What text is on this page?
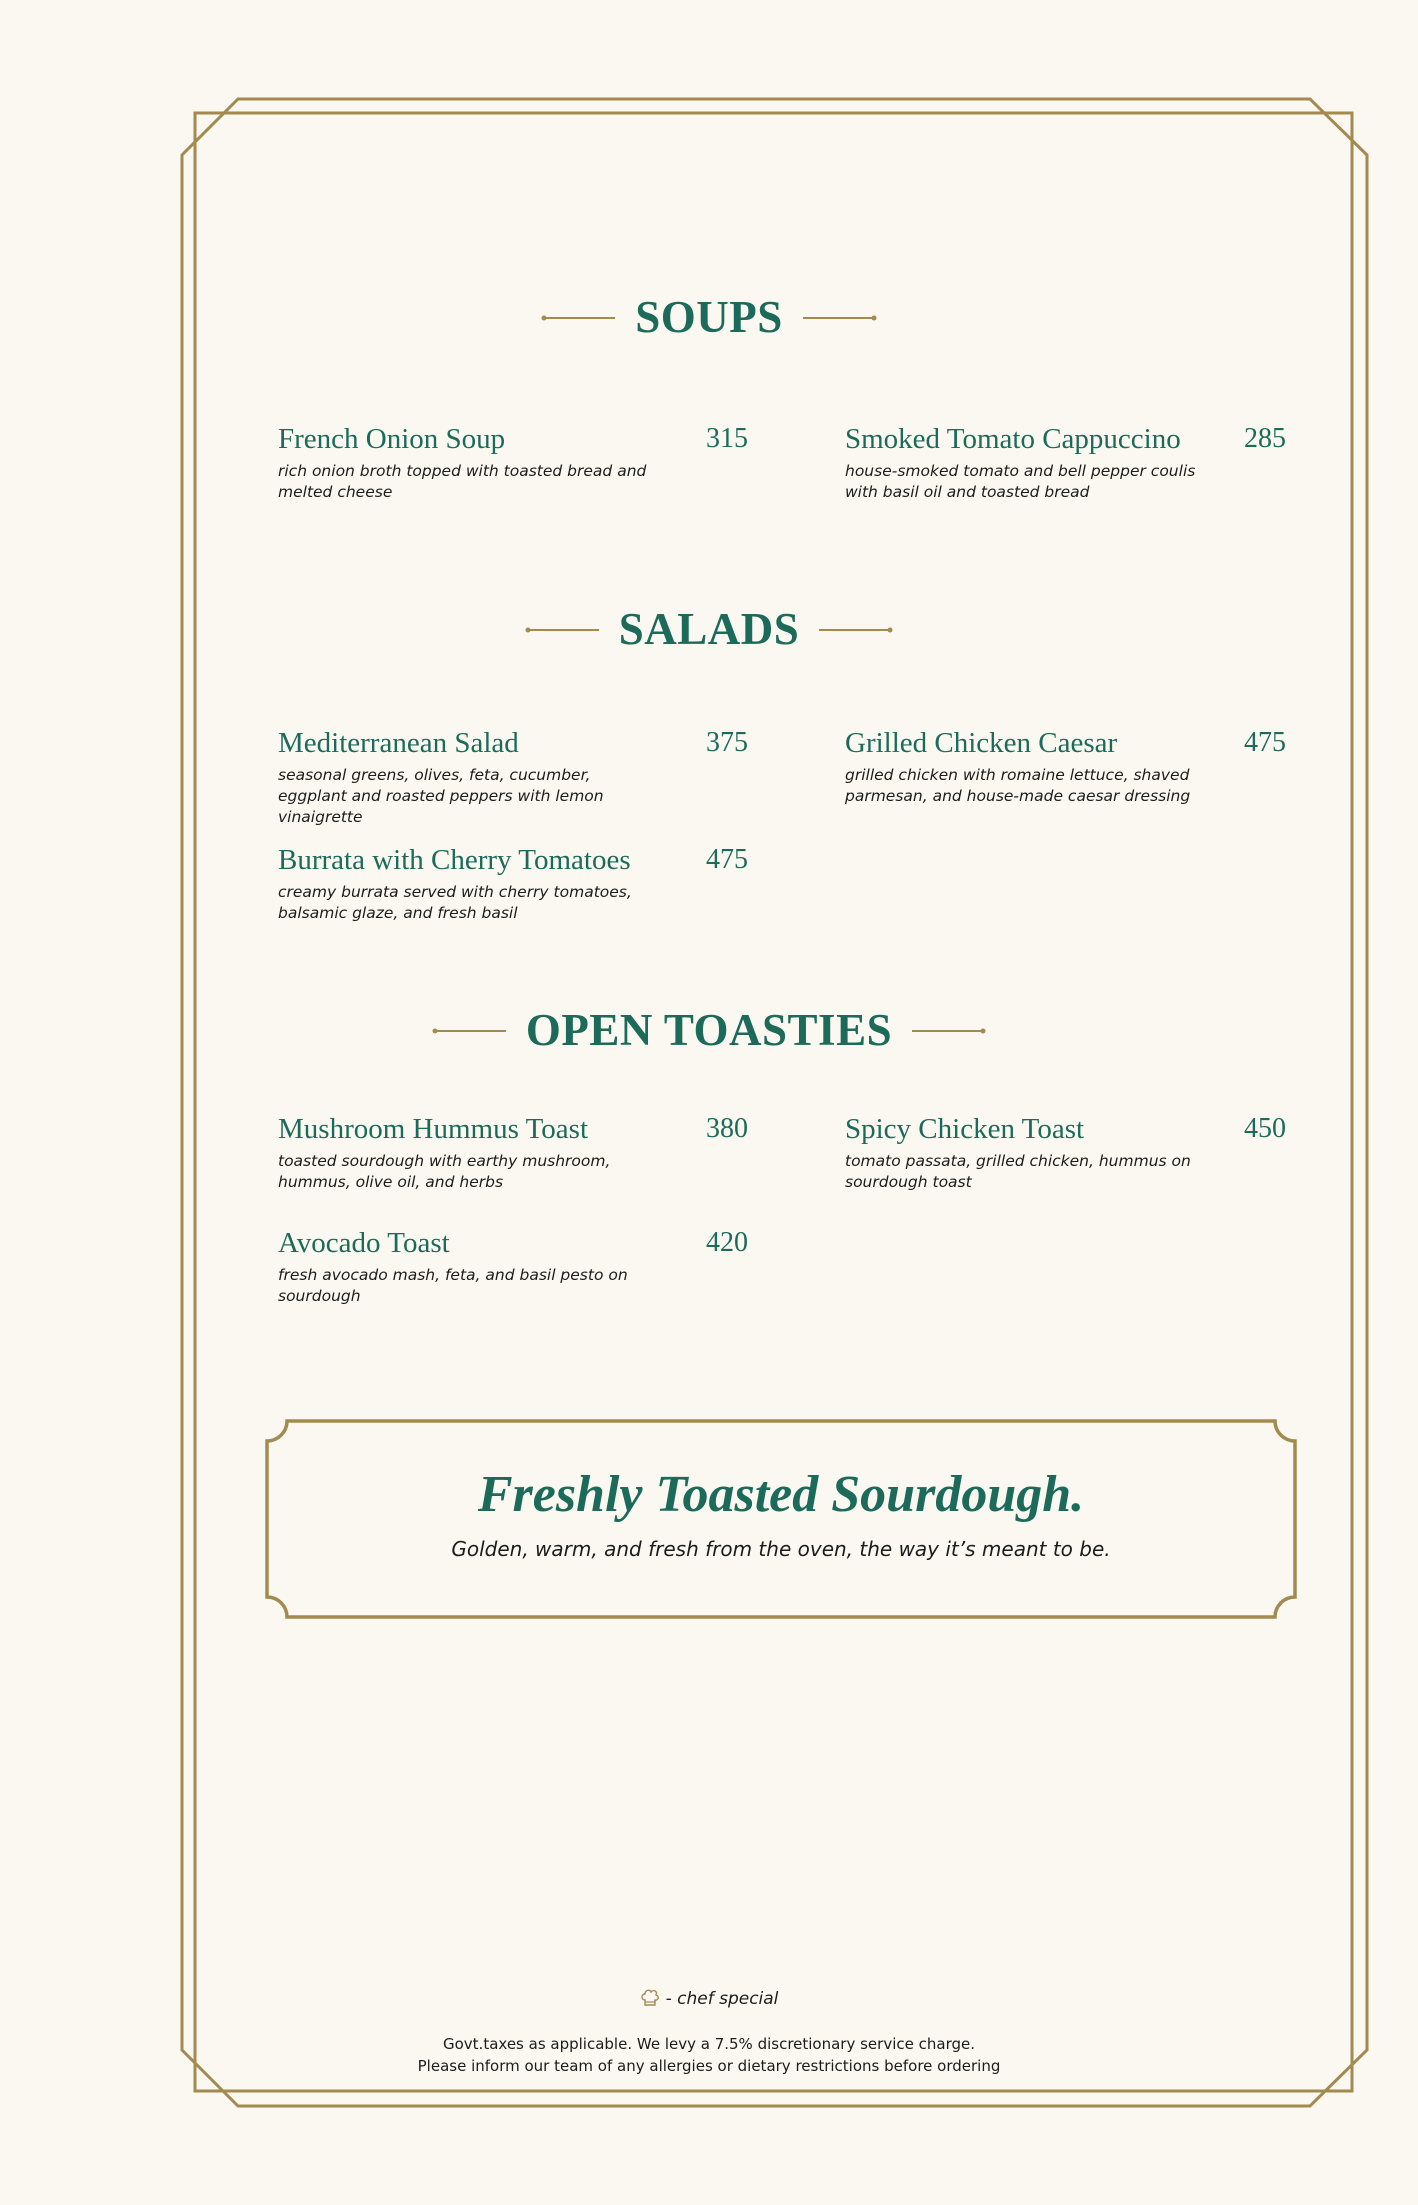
SOUPS
French Onion Soup	315
rich onion broth topped with toasted bread and melted cheese
Smoked Tomato Cappuccino	285
house-smoked tomato and bell pepper coulis with basil oil and toasted bread
SALADS
Mediterranean Salad	375
seasonal greens, olives, feta, cucumber, eggplant and roasted peppers with lemon vinaigrette
Grilled Chicken Caesar	475
grilled chicken with romaine lettuce, shaved parmesan, and house-made caesar dressing
Burrata with Cherry Tomatoes	475
creamy burrata served with cherry tomatoes, balsamic glaze, and fresh basil
OPEN TOASTIES
Mushroom Hummus Toast	380
toasted sourdough with earthy mushroom, hummus, olive oil, and herbs
Spicy Chicken Toast	450
tomato passata, grilled chicken, hummus on sourdough toast
Avocado Toast	420
fresh avocado mash, feta, and basil pesto on sourdough
Freshly Toasted Sourdough.
Golden, warm, and fresh from the oven, the way it’s meant to be.
- chef special
Govt.taxes as applicable. We levy a 7.5% discretionary service charge.
Please inform our team of any allergies or dietary restrictions before ordering
